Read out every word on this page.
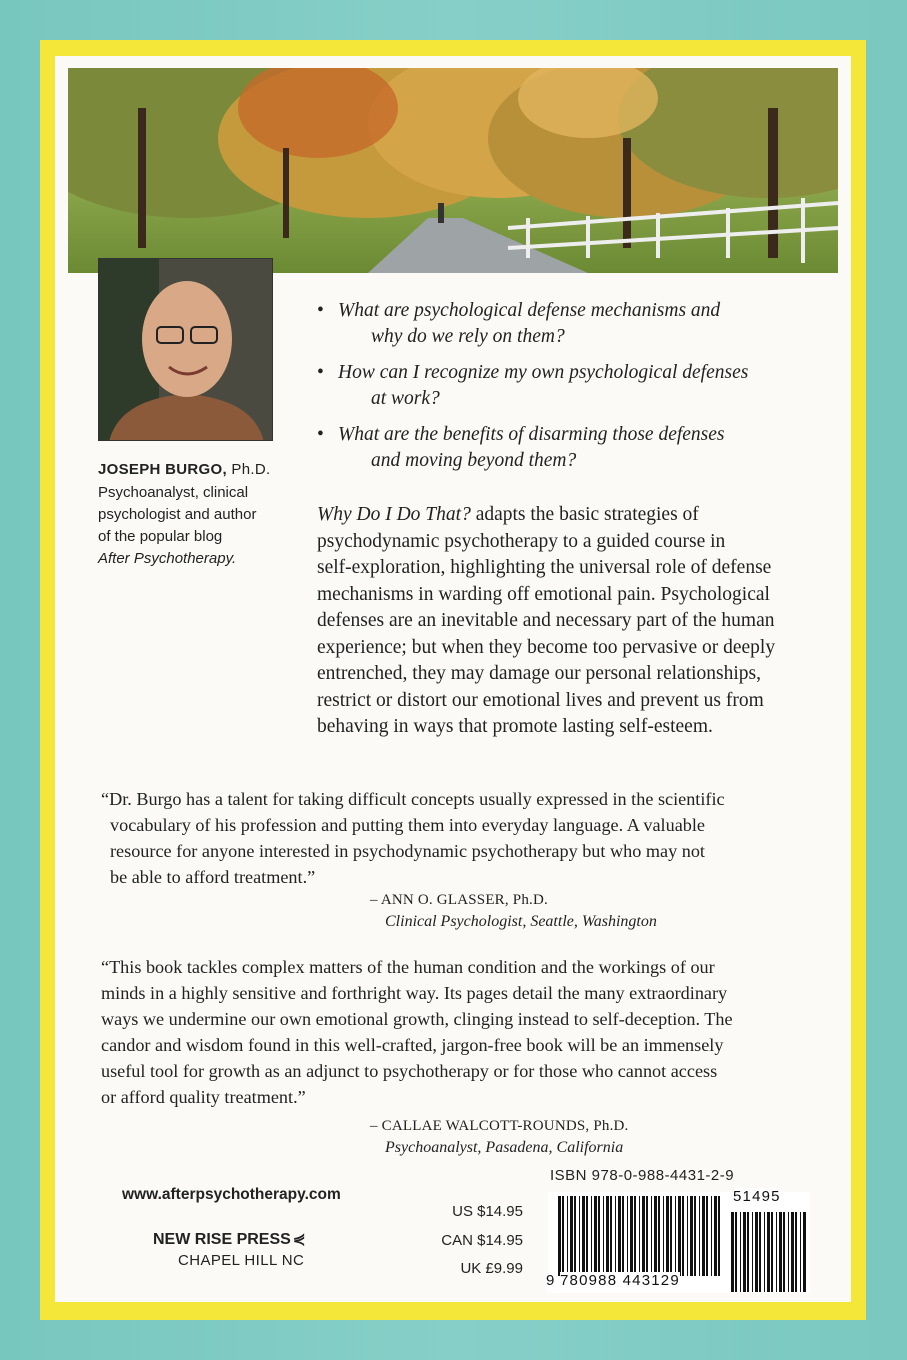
JOSEPH BURGO, Ph.D.
Psychoanalyst, clinical
psychologist and author
of the popular blog
After Psychotherapy.
• What are psychological defense mechanisms and
why do we rely on them?
• How can I recognize my own psychological defenses
at work?
• What are the benefits of disarming those defenses
and moving beyond them?
Why Do I Do That? adapts the basic strategies of
psychodynamic psychotherapy to a guided course in
self-exploration, highlighting the universal role of defense
mechanisms in warding off emotional pain. Psychological
defenses are an inevitable and necessary part of the human
experience; but when they become too pervasive or deeply
entrenched, they may damage our personal relationships,
restrict or distort our emotional lives and prevent us from
behaving in ways that promote lasting self-esteem.
“Dr. Burgo has a talent for taking difficult concepts usually expressed in the scientific
vocabulary of his profession and putting them into everyday language. A valuable
resource for anyone interested in psychodynamic psychotherapy but who may not
be able to afford treatment.”
– ANN O. GLASSER, Ph.D.
Clinical Psychologist, Seattle, Washington
“This book tackles complex matters of the human condition and the workings of our
minds in a highly sensitive and forthright way. Its pages detail the many extraordinary
ways we undermine our own emotional growth, clinging instead to self-deception. The
candor and wisdom found in this well-crafted, jargon-free book will be an immensely
useful tool for growth as an adjunct to psychotherapy or for those who cannot access
or afford quality treatment.”
– CALLAE WALCOTT-ROUNDS, Ph.D.
Psychoanalyst, Pasadena, California
www.afterpsychotherapy.com
NEW RISE PRESS ⋞
CHAPEL HILL NC
US $14.95
CAN $14.95
UK £9.99
ISBN 978-0-988-4431-2-9
9 780988 443129
51495
